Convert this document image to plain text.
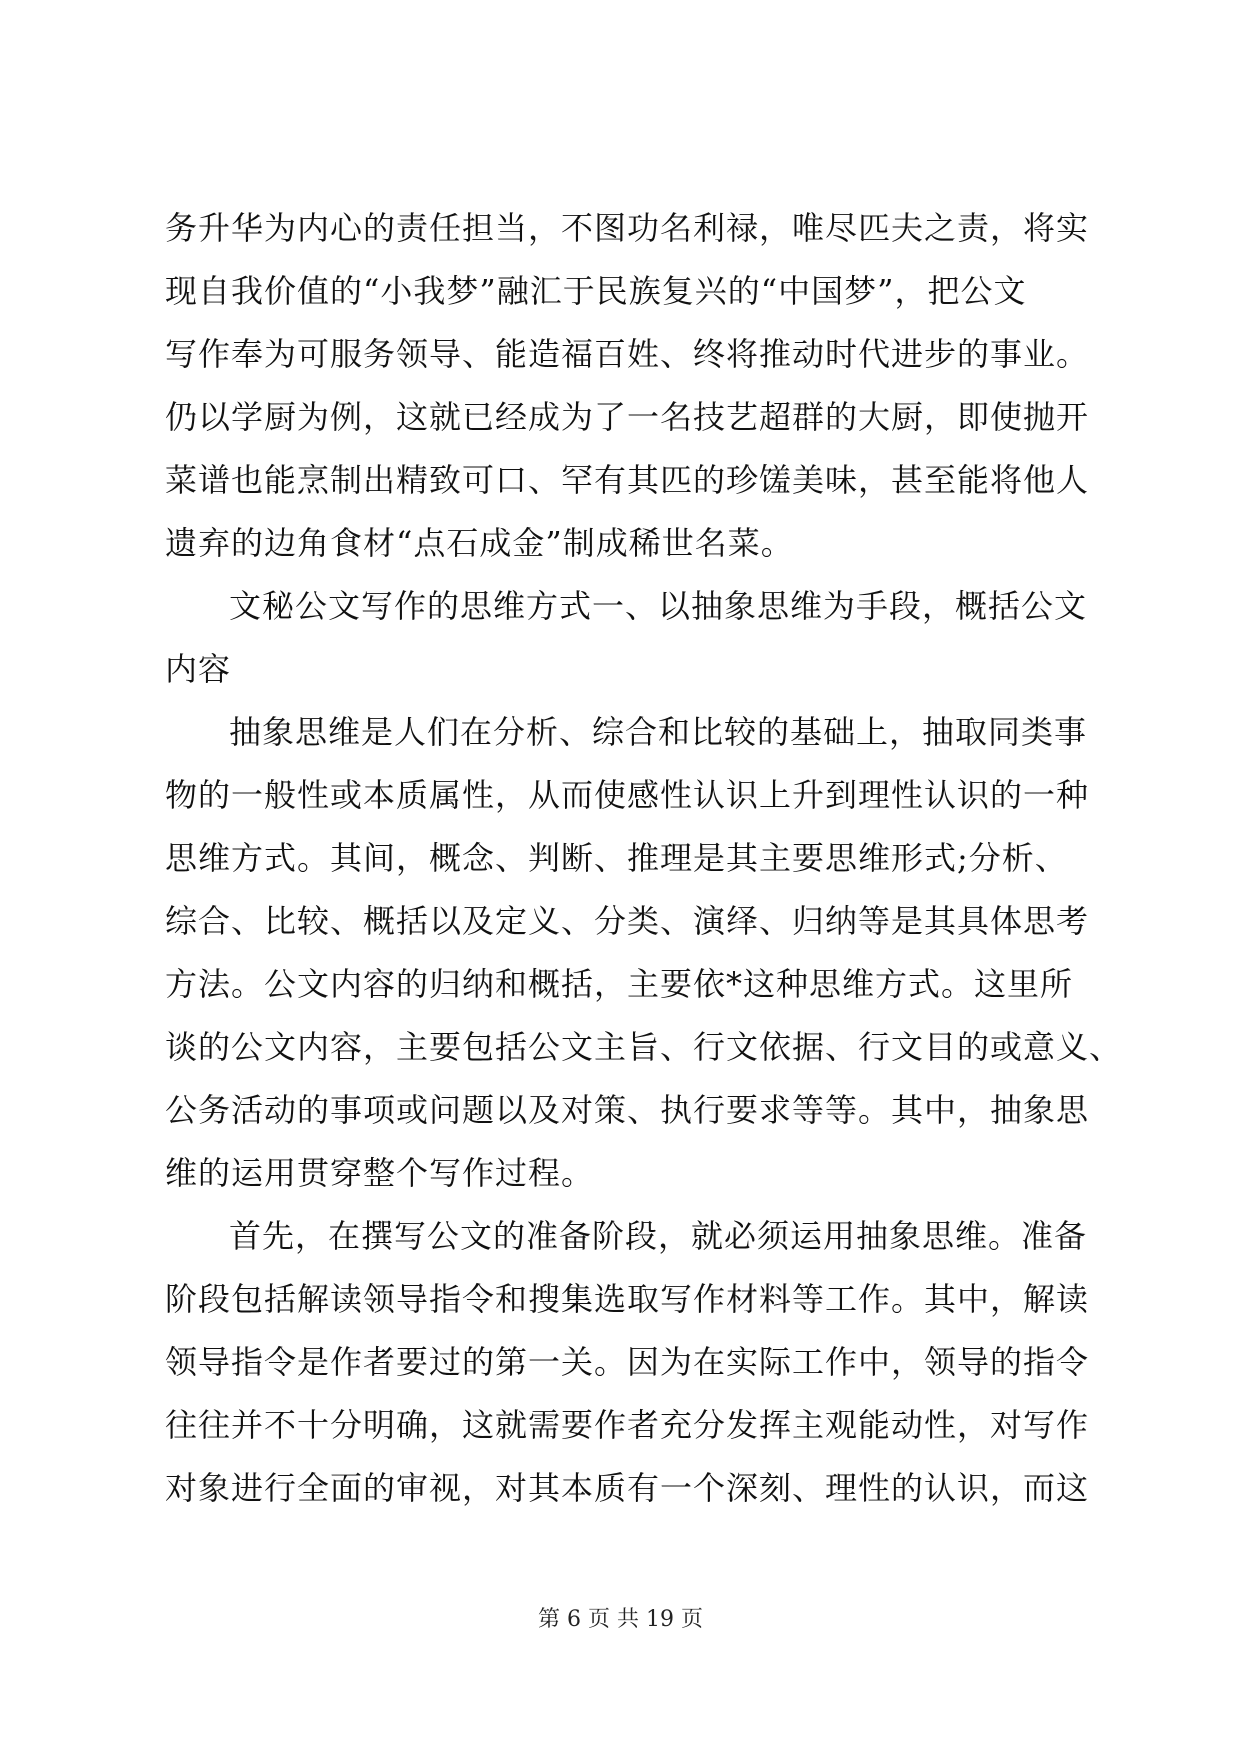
务升华为内心的责任担当，不图功名利禄，唯尽匹夫之责，将实
现自我价值的“小我梦”融汇于民族复兴的“中国梦”，把公文
写作奉为可服务领导、能造福百姓、终将推动时代进步的事业。
仍以学厨为例，这就已经成为了一名技艺超群的大厨，即使抛开
菜谱也能烹制出精致可口、罕有其匹的珍馐美味，甚至能将他人
遗弃的边角食材“点石成金”制成稀世名菜。
文秘公文写作的思维方式一、以抽象思维为手段，概括公文
内容
抽象思维是人们在分析、综合和比较的基础上，抽取同类事
物的一般性或本质属性，从而使感性认识上升到理性认识的一种
思维方式。其间，概念、判断、推理是其主要思维形式;分析、
综合、比较、概括以及定义、分类、演绎、归纳等是其具体思考
方法。公文内容的归纳和概括，主要依*这种思维方式。这里所
谈的公文内容，主要包括公文主旨、行文依据、行文目的或意义、
公务活动的事项或问题以及对策、执行要求等等。其中，抽象思
维的运用贯穿整个写作过程。
首先，在撰写公文的准备阶段，就必须运用抽象思维。准备
阶段包括解读领导指令和搜集选取写作材料等工作。其中，解读
领导指令是作者要过的第一关。因为在实际工作中，领导的指令
往往并不十分明确，这就需要作者充分发挥主观能动性，对写作
对象进行全面的审视，对其本质有一个深刻、理性的认识，而这
第 6 页 共 19 页
